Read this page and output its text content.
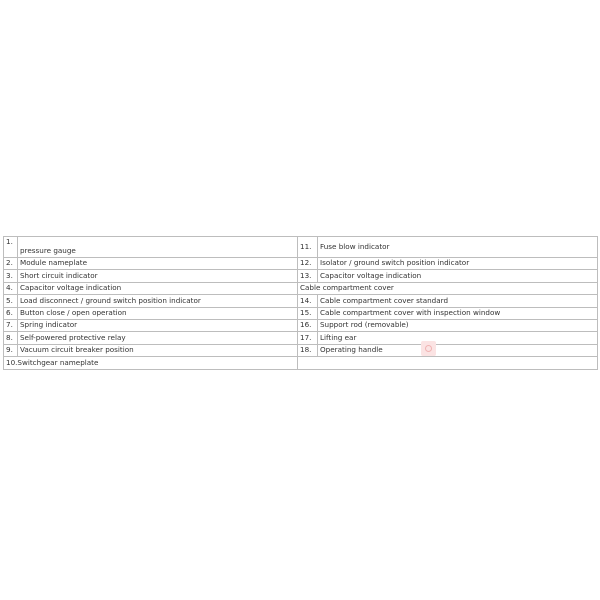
1.	pressure gauge	11.	Fuse blow indicator
2.	Module nameplate	12.	Isolator / ground switch position indicator
3.	Short circuit indicator	13.	Capacitor voltage indication
4.	Capacitor voltage indication	Cable compartment cover	
5.	Load disconnect / ground switch position indicator	14.	Cable compartment cover standard
6.	Button close / open operation	15.	Cable compartment cover with inspection window
7.	Spring indicator	16.	Support rod (removable)
8.	Self-powered protective relay	17.	Lifting ear
9.	Vacuum circuit breaker position	18.	Operating handle
10.Switchgear nameplate			
